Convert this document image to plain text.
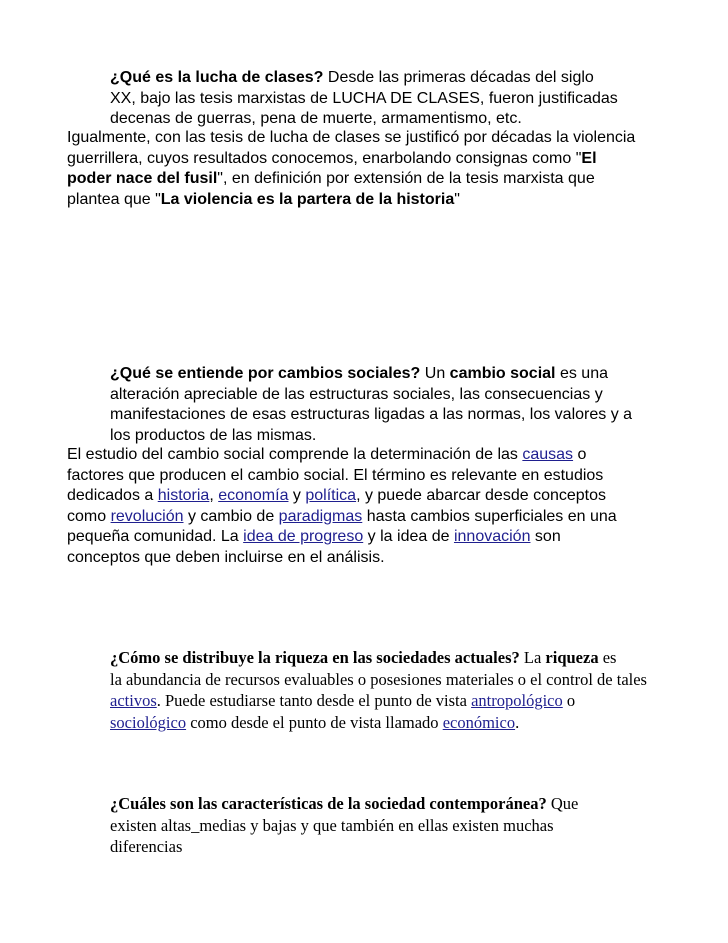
¿Qué es la lucha de clases? Desde las primeras décadas del siglo
XX, bajo las tesis marxistas de LUCHA DE CLASES, fueron justificadas
decenas de guerras, pena de muerte, armamentismo, etc.
Igualmente, con las tesis de lucha de clases se justificó por décadas la violencia
guerrillera, cuyos resultados conocemos, enarbolando consignas como "El
poder nace del fusil", en definición por extensión de la tesis marxista que
plantea que "La violencia es la partera de la historia"
¿Qué se entiende por cambios sociales? Un cambio social es una
alteración apreciable de las estructuras sociales, las consecuencias y
manifestaciones de esas estructuras ligadas a las normas, los valores y a
los productos de las mismas.
El estudio del cambio social comprende la determinación de las causas o
factores que producen el cambio social. El término es relevante en estudios
dedicados a historia, economía y política, y puede abarcar desde conceptos
como revolución y cambio de paradigmas hasta cambios superficiales en una
pequeña comunidad. La idea de progreso y la idea de innovación son
conceptos que deben incluirse en el análisis.
¿Cómo se distribuye la riqueza en las sociedades actuales? La riqueza es
la abundancia de recursos evaluables o posesiones materiales o el control de tales
activos. Puede estudiarse tanto desde el punto de vista antropológico o
sociológico como desde el punto de vista llamado económico.
¿Cuáles son las características de la sociedad contemporánea? Que
existen altas_medias y bajas y que también en ellas existen muchas
diferencias
